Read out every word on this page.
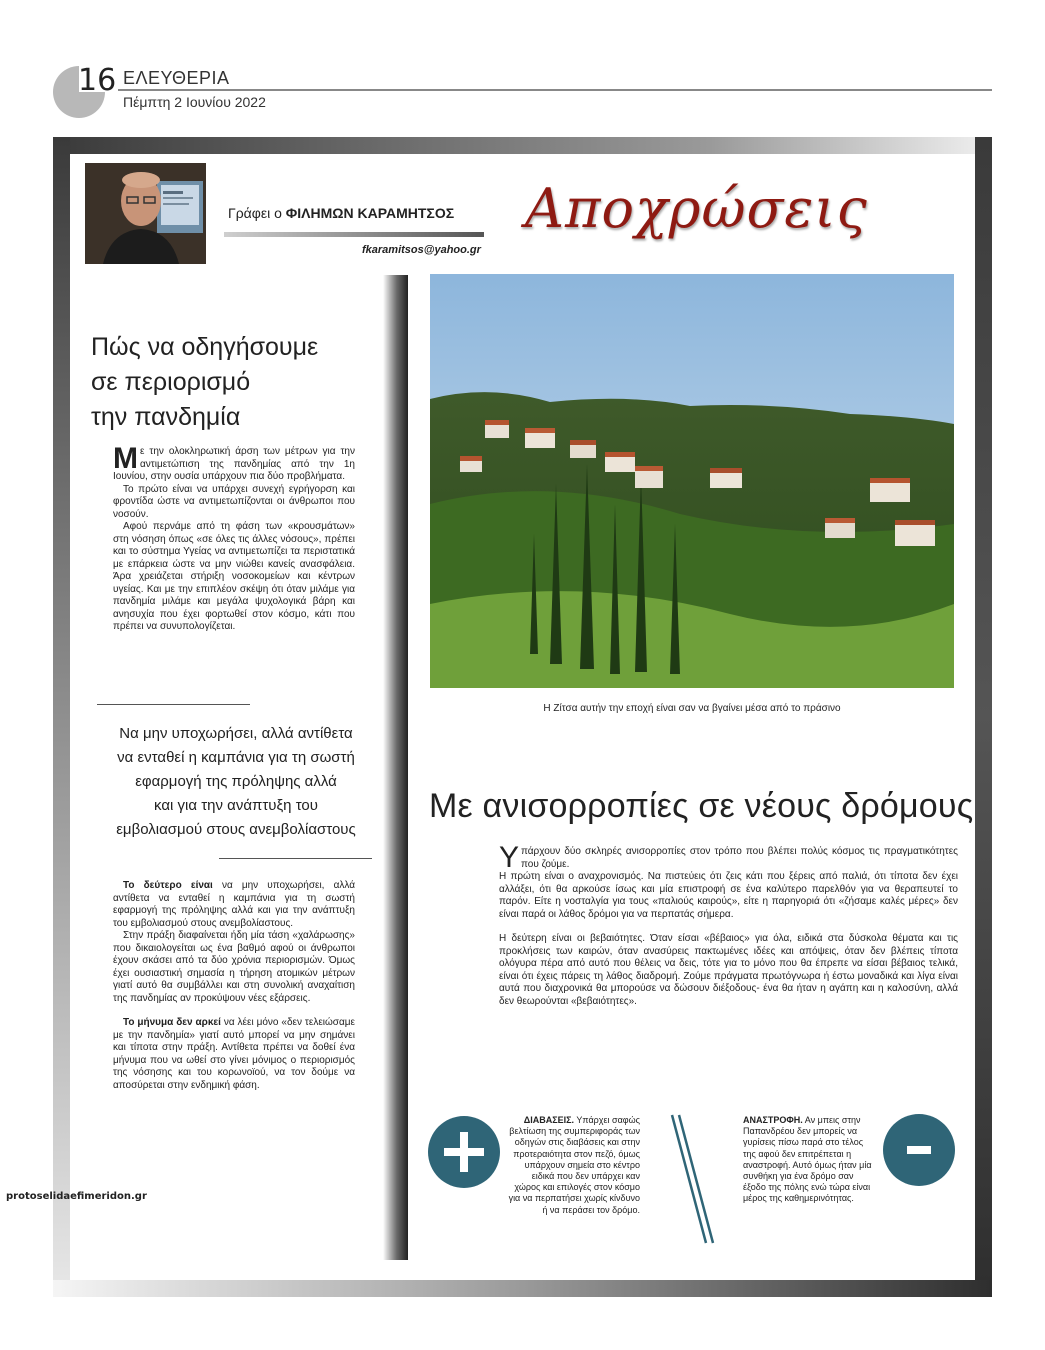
16 ΕΛΕΥΘΕΡΙΑ
Πέμπτη 2 Ιουνίου 2022
Γράφει ο ΦΙΛΗΜΩΝ ΚΑΡΑΜΗΤΣΟΣ
fkaramitsos@yahoo.gr
Αποχρώσεις
Πώς να οδηγήσουμε
σε περιορισμό
την πανδημία

Με την ολοκληρωτική άρση των μέτρων για την αντιμετώπιση της πανδημίας από την 1η Ιουνίου, στην ουσία υπάρχουν πια δύο προβλήματα.

Το πρώτο είναι να υπάρχει συνεχή εγρήγορση και φροντίδα ώστε να αντιμετωπίζονται οι άνθρωποι που νοσούν.

Αφού περνάμε από τη φάση των «κρουσμάτων» στη νόσηση όπως «σε όλες τις άλλες νόσους», πρέπει και το σύστημα Υγείας να αντιμετωπίζει τα περιστατικά με επάρκεια ώστε να μην νιώθει κανείς ανασφάλεια. Άρα χρειάζεται στήριξη νοσοκομείων και κέντρων υγείας. Και με την επιπλέον σκέψη ότι όταν μιλάμε για πανδημία μιλάμε και μεγάλα ψυχολογικά βάρη και ανησυχία που έχει φορτωθεί στον κόσμο, κάτι που πρέπει να συνυπολογίζεται.

Να μην υποχωρήσει, αλλά αντίθετα
να ενταθεί η καμπάνια για τη σωστή
εφαρμογή της πρόληψης αλλά
και για την ανάπτυξη του
εμβολιασμού στους ανεμβολίαστους

Το δεύτερο είναι να μην υποχωρήσει, αλλά αντίθετα να ενταθεί η καμπάνια για τη σωστή εφαρμογή της πρόληψης αλλά και για την ανάπτυξη του εμβολιασμού στους ανεμβολίαστους.

Στην πράξη διαφαίνεται ήδη μία τάση «χαλάρωσης» που δικαιολογείται ως ένα βαθμό αφού οι άνθρωποι έχουν σκάσει από τα δύο χρόνια περιορισμών. Όμως έχει ουσιαστική σημασία η τήρηση ατομικών μέτρων γιατί αυτό θα συμβάλλει και στη συνολική αναχαίτιση της πανδημίας αν προκύψουν νέες εξάρσεις.

Το μήνυμα δεν αρκεί να λέει μόνο «δεν τελειώσαμε με την πανδημία» γιατί αυτό μπορεί να μην σημάνει και τίποτα στην πράξη. Αντίθετα πρέπει να δοθεί ένα μήνυμα που να ωθεί στο γίνει μόνιμος ο περιορισμός της νόσησης και του κορωνοϊού, να τον δούμε να αποσύρεται στην ενδημική φάση.

Η Ζίτσα αυτήν την εποχή είναι σαν να βγαίνει μέσα από το πράσινο
Με ανισορροπίες σε νέους δρόμους

Υπάρχουν δύο σκληρές ανισορροπίες στον τρόπο που βλέπει πολύς κόσμος τις πραγματικότητες που ζούμε.

Η πρώτη είναι ο αναχρονισμός. Να πιστεύεις ότι ζεις κάτι που ξέρεις από παλιά, ότι τίποτα δεν έχει αλλάξει, ότι θα αρκούσε ίσως και μία επιστροφή σε ένα καλύτερο παρελθόν για να θεραπευτεί το παρόν. Είτε η νοσταλγία για τους «παλιούς καιρούς», είτε η παρηγοριά ότι «ζήσαμε καλές μέρες» δεν είναι παρά οι λάθος δρόμοι για να περπατάς σήμερα.

Η δεύτερη είναι οι βεβαιότητες. Όταν είσαι «βέβαιος» για όλα, ειδικά στα δύσκολα θέματα και τις προκλήσεις των καιρών, όταν ανασύρεις πακτωμένες ιδέες και απόψεις, όταν δεν βλέπεις τίποτα ολόγυρα πέρα από αυτό που θέλεις να δεις, τότε για το μόνο που θα έπρεπε να είσαι βέβαιος τελικά, είναι ότι έχεις πάρεις τη λάθος διαδρομή. Ζούμε πράγματα πρωτόγνωρα ή έστω μοναδικά και λίγα είναι αυτά που διαχρονικά θα μπορούσε να δώσουν διέξοδους- ένα θα ήταν η αγάπη και η καλοσύνη, αλλά δεν θεωρούνται «βεβαιότητες».

ΔΙΑΒΑΣΕΙΣ. Υπάρχει σαφώς βελτίωση της συμπεριφοράς των οδηγών στις διαβάσεις και στην προτεραιότητα στον πεζό, όμως υπάρχουν σημεία στο κέντρο ειδικά που δεν υπάρχει καν χώρος και επιλογές στον κόσμο για να περπατήσει χωρίς κίνδυνο ή να περάσει τον δρόμο.
ΑΝΑΣΤΡΟΦΗ. Αν μπεις στην Παπανδρέου δεν μπορείς να γυρίσεις πίσω παρά στο τέλος της αφού δεν επιτρέπεται η αναστροφή. Αυτό όμως ήταν μία συνθήκη για ένα δρόμο σαν έξοδο της πόλης ενώ τώρα είναι μέρος της καθημερινότητας.
protoselidaefimeridon.gr
